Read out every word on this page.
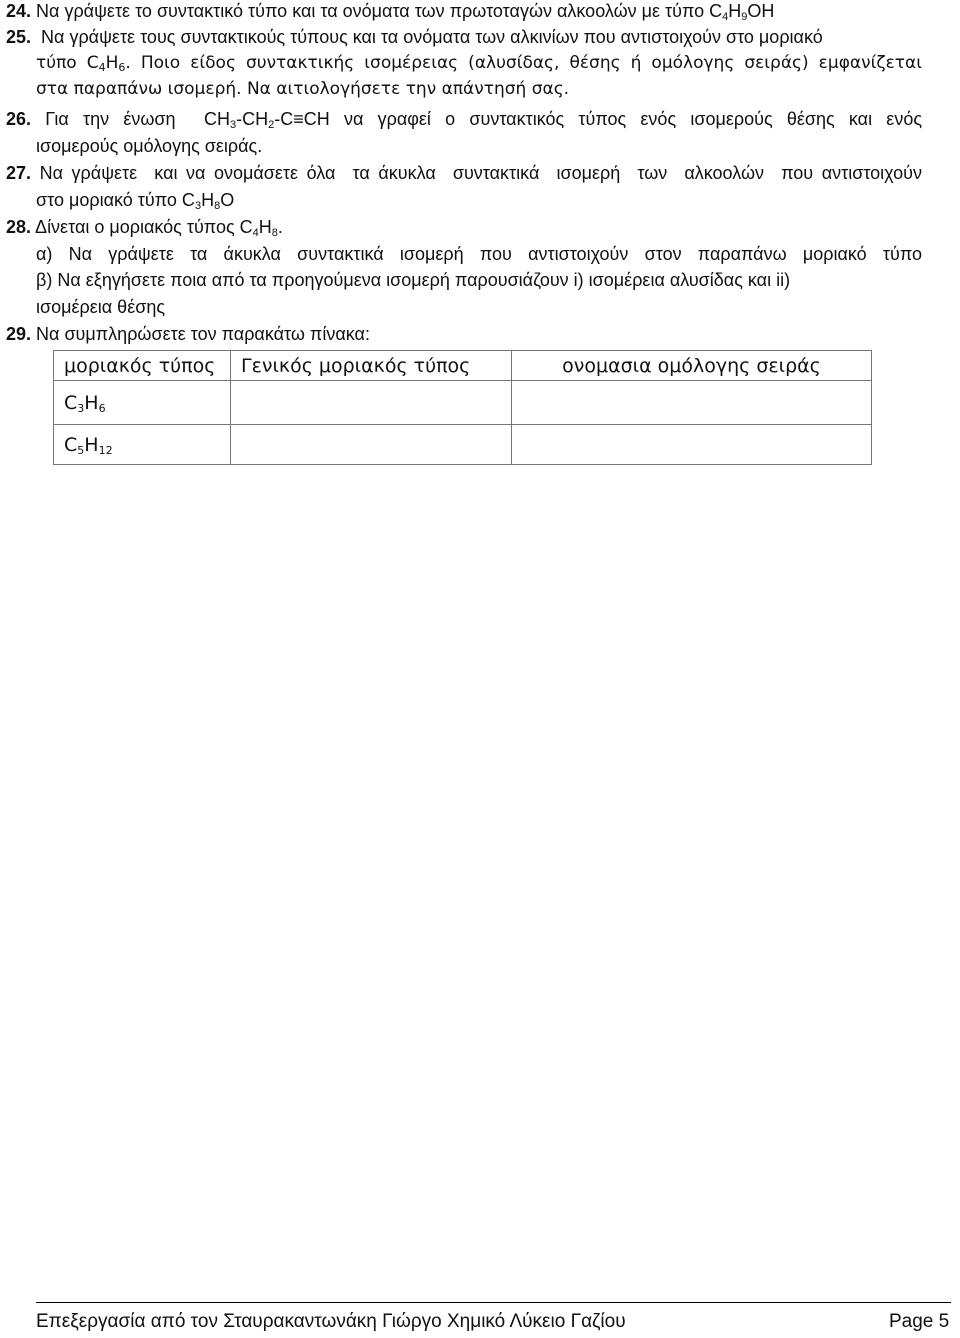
24. Να γράψετε το συντακτικό τύπο και τα ονόματα των πρωτοταγών αλκοολών με τύπο $C_4H_9OH$
25.  Να γράψετε τους συντακτικούς τύπους και τα ονόματα των αλκινίων που αντιστοιχούν στο μοριακό
τύπο $C_4H_6$. Ποιο είδος συντακτικής ισομέρειας (αλυσίδας, θέσης ή ομόλογης σειράς) εμφανίζεται
στα παραπάνω ισομερή. Να αιτιολογήσετε την απάντησή σας.
26. Για την ένωση  $CH_3-CH_2-C\equiv CH$ να γραφεί ο συντακτικός τύπος ενός ισομερούς θέσης και ενός
ισομερούς ομόλογης σειράς.
27. Να γράψετε  και να ονομάσετε όλα  τα άκυκλα  συντακτικά  ισομερή  των  αλκοολών  που αντιστοιχούν
στο μοριακό τύπο $C_3H_8O$
28. Δίνεται ο μοριακός τύπος $C_4H_8$.
α) Να γράψετε τα άκυκλα συντακτικά ισομερή που αντιστοιχούν στον παραπάνω μοριακό τύπο
β) Να εξηγήσετε ποια από τα προηγούμενα ισομερή παρουσιάζουν i) ισομέρεια αλυσίδας και ii)
ισομέρεια θέσης
29. Να συμπληρώσετε τον παρακάτω πίνακα:
μοριακός τύπος	Γενικός μοριακός τύπος	ονομασια ομόλογης σειράς
$C_3H_6$		
$C_5H_{12}$		
Επεξεργασία από τον Σταυρακαντωνάκη Γιώργο Χημικό Λύκειο Γαζίου	Page 5
